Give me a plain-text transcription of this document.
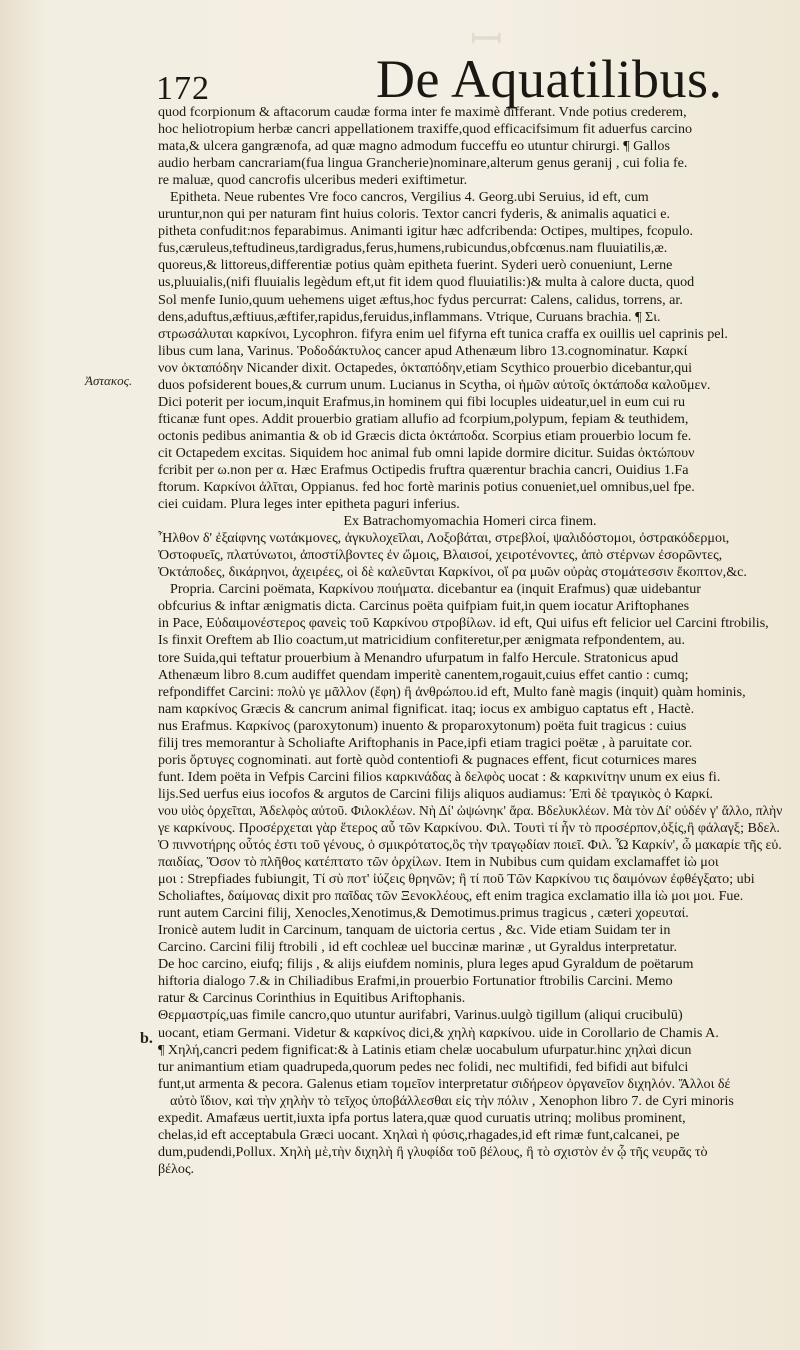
ꟷ
172	De Aquatilibus.
Ἀστακος.
b.
quod fcorpionum & aftacorum caudæ forma inter fe maximè differant. Vnde potius crederem,
hoc heliotropium herbæ cancri appellationem traxiffe,quod efficacifsimum fit aduerfus carcino
mata,& ulcera gangrænofa, ad quæ magno admodum fucceffu eo utuntur chirurgi. ¶ Gallos
audio herbam cancrariam(fua lingua Grancherie)nominare,alterum genus geranij , cui folia fe.
re maluæ, quod cancrofis ulceribus mederi exiftimetur.
Epitheta. Neue rubentes Vre foco cancros, Vergilius 4. Georg.ubi Seruius, id eft, cum
uruntur,non qui per naturam fint huius coloris. Textor cancri fyderis, & animalis aquatici e.
pitheta confudit:nos feparabimus. Animanti igitur hæc adfcribenda: Octipes, multipes, fcopulo.
fus,cæruleus,teftudineus,tardigradus,ferus,humens,rubicundus,obfcœnus.nam fluuiatilis,æ.
quoreus,& littoreus,differentiæ potius quàm epitheta fuerint. Syderi uerò conueniunt, Lerne
us,pluuialis,(nifi fluuialis legèdum eft,ut fit idem quod fluuiatilis:)& multa à calore ducta, quod
Sol menfe Iunio,quum uehemens uiget æftus,hoc fydus percurrat: Calens, calidus, torrens, ar.
dens,aduftus,æftiuus,æftifer,rapidus,feruidus,inflammans. Vtrique, Curuans brachia. ¶ Σι.
στρωσάλυται καρκίνοι, Lycophron. fifyra enim uel fifyrna eft tunica craffa ex ouillis uel caprinis pel.
libus cum lana, Varinus. Ῥοδοδάκτυλος cancer apud Athenæum libro 13.cognominatur. Καρκί
νον ὀκταπόδην Nicander dixit. Octapedes, ὀκταπόδην,etiam Scythico prouerbio dicebantur,qui
duos pofsiderent boues,& currum unum. Lucianus in Scytha, οἱ ἡμῶν αὐτοῖς ὀκτάποδα καλοῦμεν.
Dici poterit per iocum,inquit Erafmus,in hominem qui fibi locuples uideatur,uel in eum cui ru
fticanæ funt opes. Addit prouerbio gratiam allufio ad fcorpium,polypum, fepiam & teuthidem,
octonis pedibus animantia & ob id Græcis dicta ὀκτάποδα. Scorpius etiam prouerbio locum fe.
cit Octapedem excitas. Siquidem hoc animal fub omni lapide dormire dicitur. Suidas ὀκτώπουν
fcribit per ω.non per α. Hæc Erafmus Octipedis fruftra quærentur brachia cancri, Ouidius 1.Fa
ftorum. Καρκίνοι ἀλῖται, Oppianus. fed hoc fortè marinis potius conueniet,uel omnibus,uel fpe.
ciei cuidam. Plura leges inter epitheta paguri inferius.
Ex Batrachomyomachia Homeri circa finem.
Ἦλθον δ' ἐξαίφνης νωτάκμονες, ἀγκυλοχεῖλαι, Λοξοβάται, στρεβλοί, ψαλιδόστομοι, ὀστρακόδερμοι,
Ὀστοφυεῖς, πλατύνωτοι, ἀποστίλβοντες ἐν ὤμοις, Βλαισοί, χειροτένοντες, ἀπὸ στέρνων ἐσορῶντες,
Ὀκτάποδες, δικάρηνοι, ἀχειρέες, οἱ δὲ καλεῦνται Καρκίνοι, οἵ ρα μυῶν οὐρὰς στομάτεσσιν ἔκοπτον,&c.
Propria. Carcini poëmata, Καρκίνου ποιήματα. dicebantur ea (inquit Erafmus) quæ uidebantur
obfcurius & inftar ænigmatis dicta. Carcinus poëta quifpiam fuit,in quem iocatur Ariftophanes
in Pace, Εὐδαιμονέστερος φανεὶς τοῦ Καρκίνου στροβίλων. id eft, Qui uifus eft felicior uel Carcini ftrobilis,
Is finxit Oreftem ab Ilio coactum,ut matricidium confiteretur,per ænigmata refpondentem, au.
tore Suida,qui teftatur prouerbium à Menandro ufurpatum in falfo Hercule. Stratonicus apud
Athenæum libro 8.cum audiffet quendam imperitè canentem,rogauit,cuius effet cantio : cumq;
refpondiffet Carcini: πολὺ γε μᾶλλον (ἔφη) ἢ ἀνθρώπου.id eft, Multo fanè magis (inquit) quàm hominis,
nam καρκίνος Græcis & cancrum animal fignificat. itaq; iocus ex ambiguo captatus eft , Hactè.
nus Erafmus. Καρκίνος (paroxytonum) inuento & proparoxytonum) poëta fuit tragicus : cuius
filij tres memorantur à Scholiafte Ariftophanis in Pace,ipfi etiam tragici poëtæ , à paruitate cor.
poris ὄρτυγες cognominati. aut fortè quòd contentiofi & pugnaces effent, ficut coturnices mares
funt. Idem poëta in Vefpis Carcini filios καρκινάδας à δελφὸς uocat : & καρκινίτην unum ex eius fi.
lijs.Sed uerfus eius iocofos & argutos de Carcini filijs aliquos audiamus: Ἐπὶ δὲ τραγικὸς ὁ Καρκί.
νου υἱὸς ὀρχεῖται, Ἀδελφὸς αὐτοῦ. Φιλοκλέων. Νὴ Δί' ὠψώνηκ' ἄρα. Βδελυκλέων. Μὰ τὸν Δί' οὐδέν γ' ἄλλο, πλὴν
γε καρκίνους. Προσέρχεται γὰρ ἕτερος αὖ τῶν Καρκίνου. Φιλ. Τουτὶ τί ἦν τὸ προσέρπον,ὀξίς,ἢ φάλαγξ; Βδελ.
Ὁ πιννοτήρης οὗτός ἐστι τοῦ γένους, ὁ σμικρότατος,ὃς τὴν τραγῳδίαν ποιεῖ. Φιλ. Ὦ Καρκίν', ὦ μακαρίε τῆς εὐ.
παιδίας, Ὅσον τὸ πλῆθος κατέπτατο τῶν ὀρχίλων. Item in Nubibus cum quidam exclamaffet ἰὼ μοι
μοι : Strepfiades fubiungit, Τί σὺ ποτ' ἰύζεις θρηνῶν; ἢ τί ποῦ Τῶν Καρκίνου τις δαιμόνων ἐφθέγξατο; ubi
Scholiaftes, δαίμονας dixit pro παῖδας τῶν Ξενοκλέους, eft enim tragica exclamatio illa ἰὼ μοι μοι. Fue.
runt autem Carcini filij, Xenocles,Xenotimus,& Demotimus.primus tragicus , cæteri χορευταί.
Ironicè autem ludit in Carcinum, tanquam de uictoria certus , &c. Vide etiam Suidam ter in
Carcino. Carcini filij ftrobili , id eft cochleæ uel buccinæ marinæ , ut Gyraldus interpretatur.
De hoc carcino, eiufq; filijs , & alijs eiufdem nominis, plura leges apud Gyraldum de poëtarum
hiftoria dialogo 7.& in Chiliadibus Erafmi,in prouerbio Fortunatior ftrobilis Carcini. Memo
ratur & Carcinus Corinthius in Equitibus Ariftophanis.
Θερμαστρίς,uas fimile cancro,quo utuntur aurifabri, Varinus.uulgò tigillum (aliqui crucibulū)
uocant, etiam Germani. Videtur & καρκίνος dici,& χηλὴ καρκίνου. uide in Corollario de Chamis A.
¶ Χηλή,cancri pedem fignificat:& à Latinis etiam chelæ uocabulum ufurpatur.hinc χηλαὶ dicun
tur animantium etiam quadrupeda,quorum pedes nec folidi, nec multifidi, fed bifidi aut bifulci
funt,ut armenta & pecora. Galenus etiam τομεῖον interpretatur σιδήρεον ὀργανεῖον διχηλόν. Ἄλλοι δέ
αὐτὸ ἴδιον, καὶ τὴν χηλὴν τὸ τεῖχος ὑποβάλλεσθαι εἰς τὴν πόλιν , Xenophon libro 7. de Cyri minoris
expedit. Amafæus uertit,iuxta ipfa portus latera,quæ quod curuatis utrinq; molibus prominent,
chelas,id eft acceptabula Græci uocant. Χηλαὶ ἡ φύσις,rhagades,id eft rimæ funt,calcanei, pe
dum,pudendi,Pollux. Χηλὴ μὲ,τὴν διχηλὴ ἢ γλυφίδα τοῦ βέλους, ἢ τὸ σχιστὸν ἐν ᾧ τῆς νευρᾶς τὸ
βέλος.
